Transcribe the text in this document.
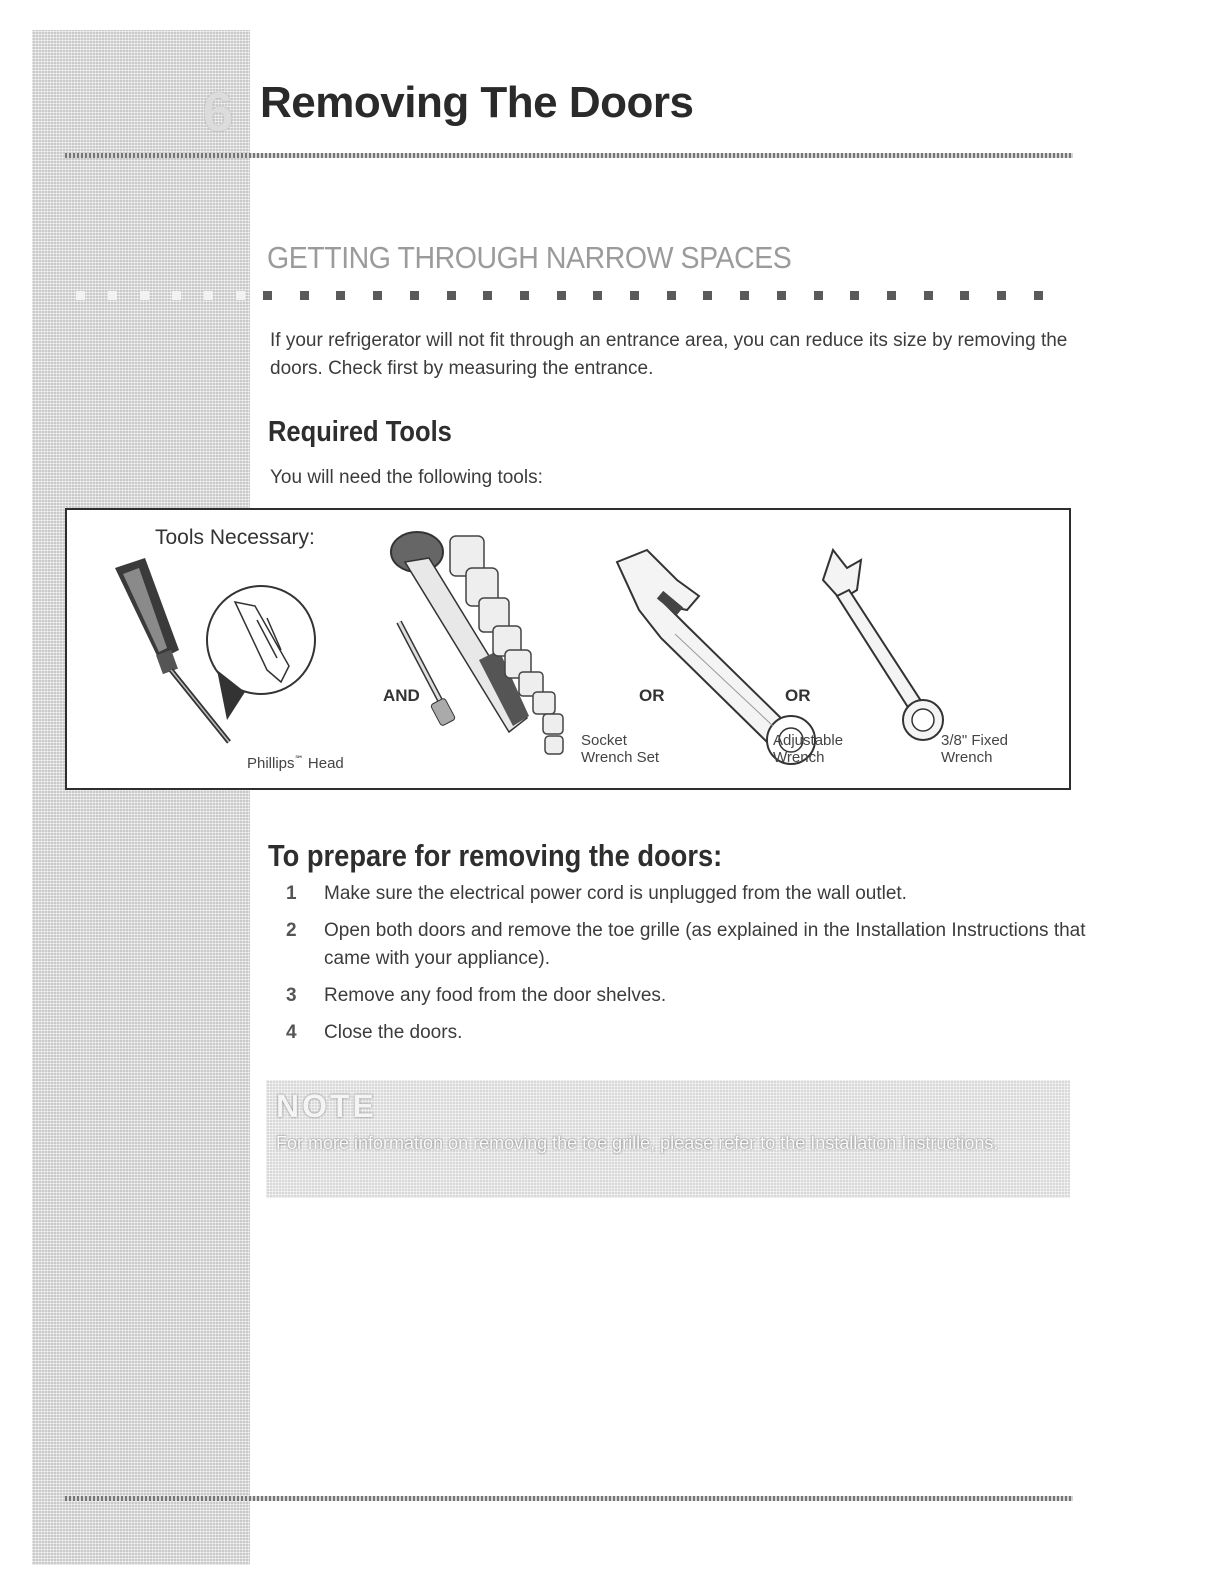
6 Removing The Doors
GETTING THROUGH NARROW SPACES

If your refrigerator will not fit through an entrance area, you can reduce its size by removing the doors. Check first by measuring the entrance.

Required Tools

You will need the following tools:

Tools Necessary:
AND	OR	OR
Phillips℠ Head
Socket
Wrench Set
Adjustable
Wrench
3/8" Fixed
Wrench
To prepare for removing the doors:
1 Make sure the electrical power cord is unplugged from the wall outlet.
2 Open both doors and remove the toe grille (as explained in the Installation Instructions that came with your appliance).
3 Remove any food from the door shelves.
4 Close the doors.

NOTE

For more information on removing the toe grille, please refer to the Installation Instructions.
